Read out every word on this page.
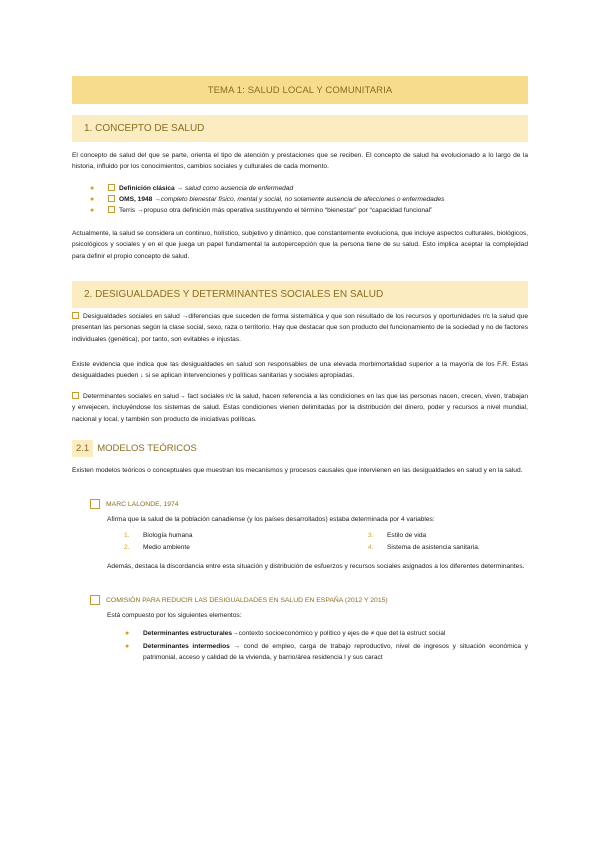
TEMA 1: SALUD LOCAL Y COMUNITARIA
1. CONCEPTO DE SALUD
El concepto de salud del que se parte, orienta el tipo de atención y prestaciones que se reciben. El concepto de salud ha evolucionado a lo largo de la historia, influido por los conocimientos, cambios sociales y culturales de cada momento.
●	Definición clásica → salud como ausencia de enfermedad
●	OMS, 1948 →completo bienestar físico, mental y social, no solamente ausencia de afecciones o enfermedades
●	Terris →propuso otra definición más operativa sustituyendo el término “bienestar” por “capacidad funcional”
Actualmente, la salud se considera un continuo, holístico, subjetivo y dinámico, que constantemente evoluciona, que incluye aspectos culturales, biológicos, psicológicos y sociales y en el que juega un papel fundamental la autopercepción que la persona tiene de su salud. Esto implica aceptar la complejidad para definir el propio concepto de salud.
2. DESIGUALDADES Y DETERMINANTES SOCIALES EN SALUD
Desigualdades sociales en salud →diferencias que suceden de forma sistemática y que son resultado de los recursos y oportunidades r/c la salud que presentan las personas según la clase social, sexo, raza o territorio. Hay que destacar que son producto del funcionamiento de la sociedad y no de factores individuales (genética), por tanto, son evitables e injustas.
Existe evidencia que indica que las desigualdades en salud son responsables de una elevada morbimortalidad superior a la mayoría de los F.R. Estas desigualdades pueden ↓ si se aplican intervenciones y políticas sanitarias y sociales apropiadas.
Determinantes sociales en salud→ fact sociales r/c la salud, hacen referencia a las condiciones en las que las personas nacen, crecen, viven, trabajan y envejecen, incluyéndose los sistemas de salud. Estas condiciones vienen delimitadas por la distribución del dinero, poder y recursos a nivel mundial, nacional y local, y también son producto de iniciativas políticas.
2.1 MODELOS TEÓRICOS
Existen modelos teóricos o conceptuales que muestran los mecanismos y procesos causales que intervienen en las desigualdades en salud y en la salud.
MARC LALONDE, 1974
Afirma que la salud de la población canadiense (y los países desarrollados) estaba determinada por 4 variables:
1. Biología humana	3. Estilo de vida
2. Medio ambiente	4. Sistema de asistencia sanitaria.
Además, destaca la discordancia entre esta situación y distribución de esfuerzos y recursos sociales asignados a los diferentes determinantes.
COMISIÓN PARA REDUCIR LAS DESIGUALDADES EN SALUD EN ESPAÑA (2012 Y 2015)
Está compuesto por los siguientes elementos:
●	Determinantes estructurales→contexto socioeconómico y político y ejes de ≠ que det la estruct social
●	Determinantes intermedios → cond de empleo, carga de trabajo reproductivo, nivel de ingresos y situación económica y patrimonial, acceso y calidad de la vivienda, y barrio/área residencia l y sus caract
